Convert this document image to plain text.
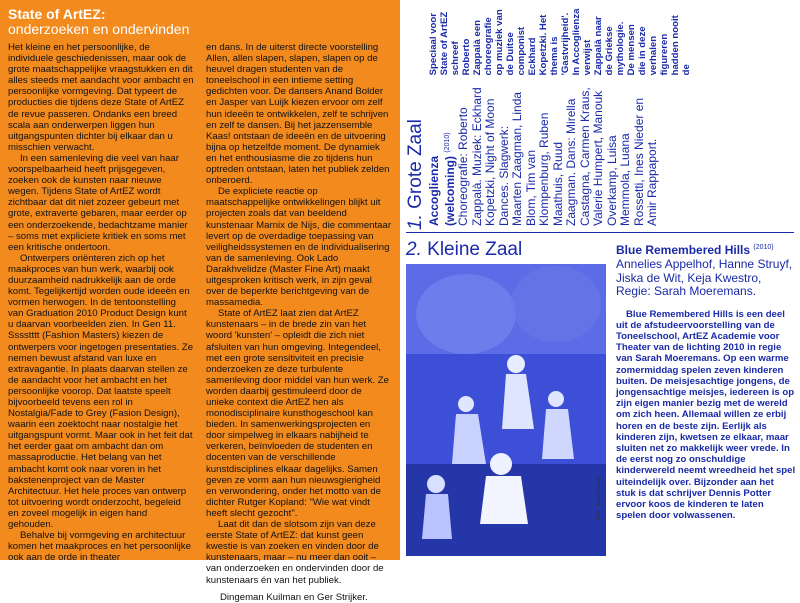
State of ArtEZ:
onderzoeken en ondervinden

Het kleine en het persoonlijke, de individuele geschiedenissen, maar ook de grote maatschappelijke vraagstukken en dit alles steeds met aandacht voor ambacht en persoonlijke vormgeving. Dat typeert de producties die tijdens deze State of ArtEZ de revue passeren. Ondanks een breed scala aan onderwerpen liggen hun uitgangspunten dichter bij elkaar dan u misschien verwacht.

In een samenleving die veel van haar voorspelbaarheid heeft prijsgegeven, zoeken ook de kunsten naar nieuwe wegen. Tijdens State of ArtEZ wordt zichtbaar dat dit niet zozeer gebeurt met grote, extraverte gebaren, maar eerder op een onderzoekende, bedachtzame manier – soms met expliciete kritiek en soms met een kritische ondertoon.

Ontwerpers oriënteren zich op het maakproces van hun werk, waarbij ook duurzaamheid nadrukkelijk aan de orde komt. Tegelijkertijd worden oude ideeën en vormen herwogen. In de tentoonstelling van Graduation 2010 Product Design kunt u daarvan voorbeelden zien. In Gen 11. Sssstttt (Fashion Masters) kiezen de ontwerpers voor ingetogen presentaties. Ze nemen bewust afstand van luxe en extravagantie. In plaats daarvan stellen ze de aandacht voor het ambacht en het persoonlijke voorop. Dat laatste speelt bijvoorbeeld tevens een rol in Nostalgia/Fade to Grey (Fasion Design), waarin een zoektocht naar nostalgie het uitgangspunt vormt. Maar ook in het feit dat het eerder gaat om ambacht dan om massaproductie. Het belang van het ambacht komt ook naar voren in het bakstenenproject van de Master Architectuur. Het hele proces van ontwerp tot uitvoering wordt onderzocht, begeleid en zoveel mogelijk in eigen hand gehouden.

Behalve bij vormgeving en architectuur komen het maakproces en het persoonlijke ook aan de orde in theater

en dans. In de uiterst directe voorstelling Allen, allen slapen, slapen, slapen op de heuvel dragen studenten van de toneelschool in een intieme setting gedichten voor. De dansers Anand Bolder en Jasper van Luijk kiezen ervoor om zelf hun ideeën te ontwikkelen, zelf te schrijven en zelf te dansen. Bij het jazzensemble Kaas! ontstaan de ideeën en de uitvoering bijna op hetzelfde moment. De dynamiek en het enthousiasme die zo tijdens hun optreden ontstaan, laten het publiek zelden onberoerd.

De expliciete reactie op maatschappelijke ontwikkelingen blijkt uit projecten zoals dat van beeldend kunstenaar Marnix de Nijs, die commentaar levert op de overdadige toepassing van veiligheidssystemen en de individualisering van de samenleving. Ook Lado Darakhvelidze (Master Fine Art) maakt uitgesproken kritisch werk, in zijn geval over de beperkte berichtgeving van de massamedia.

State of ArtEZ laat zien dat ArtEZ kunstenaars – in de brede zin van het woord 'kunsten' – opleidt die zich niet afsluiten van hun omgeving. Integendeel, met een grote sensitiviteit en precisie onderzoeken ze deze turbulente samenleving door middel van hun werk. Ze worden daarbij gestimuleerd door de unieke context die ArtEZ hen als monodisciplinaire kunsthogeschool kan bieden. In samenwerkingsprojecten en door simpelweg in elkaars nabijheid te verkeren, beïnvloeden de studenten en docenten van de verschillende kunstdisciplines elkaar dagelijks. Samen geven ze vorm aan hun nieuwsgierigheid en verwondering, onder het motto van de dichter Rutger Kopland: "Wie wat vindt heeft slecht gezocht".

Laat dit dan de slotsom zijn van deze eerste State of ArtEZ: dat kunst geen kwestie is van zoeken en vinden door de kunstenaars, maar – nu meer dan ooit – van onderzoeken en ondervinden door de kunstenaars én van het publiek.

Dingeman Kuilman en Ger Strijker.

1. Grote Zaal Accoglienza (welcoming) $^{(2010)}$ Choreografie: Roberto Zappalà. Muziek: Eckhard Kopetzki, Night of Moon Dances. Slagwerk: Maarten Zaagman, Linda Blom, Tim van Klompenburg, Ruben Maathuis, Ruud Zaagman. Dans: Mirella Castagna, Carmen Kraus, Valerie Humpert, Manouk Overkamp, Luisa Memmola, Luana Rossetti, Ines Nieder en Amir Rappaport.
Speciaal voor State of ArtEZ schreef Roberto Zappalà een choreografie op muziek van de Duitse componist Eckhard Kopetzki. Het thema is 'Gastvrijheid'. In Accoglienza verwijst Zappalà naar de Griekse mythologie. De mensen die in deze verhalen figureren hadden nooit de
2. Kleine Zaal
Foto: Tobias Hiemp
Blue Remembered Hills $^{(2010)}$
Annelies Appelhof, Hanne Struyf, Jiska de Wit, Keja Kwestro, Regie: Sarah Moeremans.
Blue Remembered Hills is een deel uit de afstudeervoorstelling van de Toneelschool, ArtEZ Academie voor Theater van de lichting 2010 in regie van Sarah Moeremans. Op een warme zomermiddag spelen zeven kinderen buiten. De meisjesachtige jongens, de jongensachtige meisjes, iedereen is op zijn eigen manier bezig met de wereld om zich heen. Allemaal willen ze erbij horen en de beste zijn. Eerlijk als kinderen zijn, kwetsen ze elkaar, maar sluiten net zo makkelijk weer vrede. In de eerst nog zo onschuldige kinderwereld neemt wreedheid het spel uiteindelijk over. Bijzonder aan het stuk is dat schrijver Dennis Potter ervoor koos de kinderen te laten spelen door volwassenen.
